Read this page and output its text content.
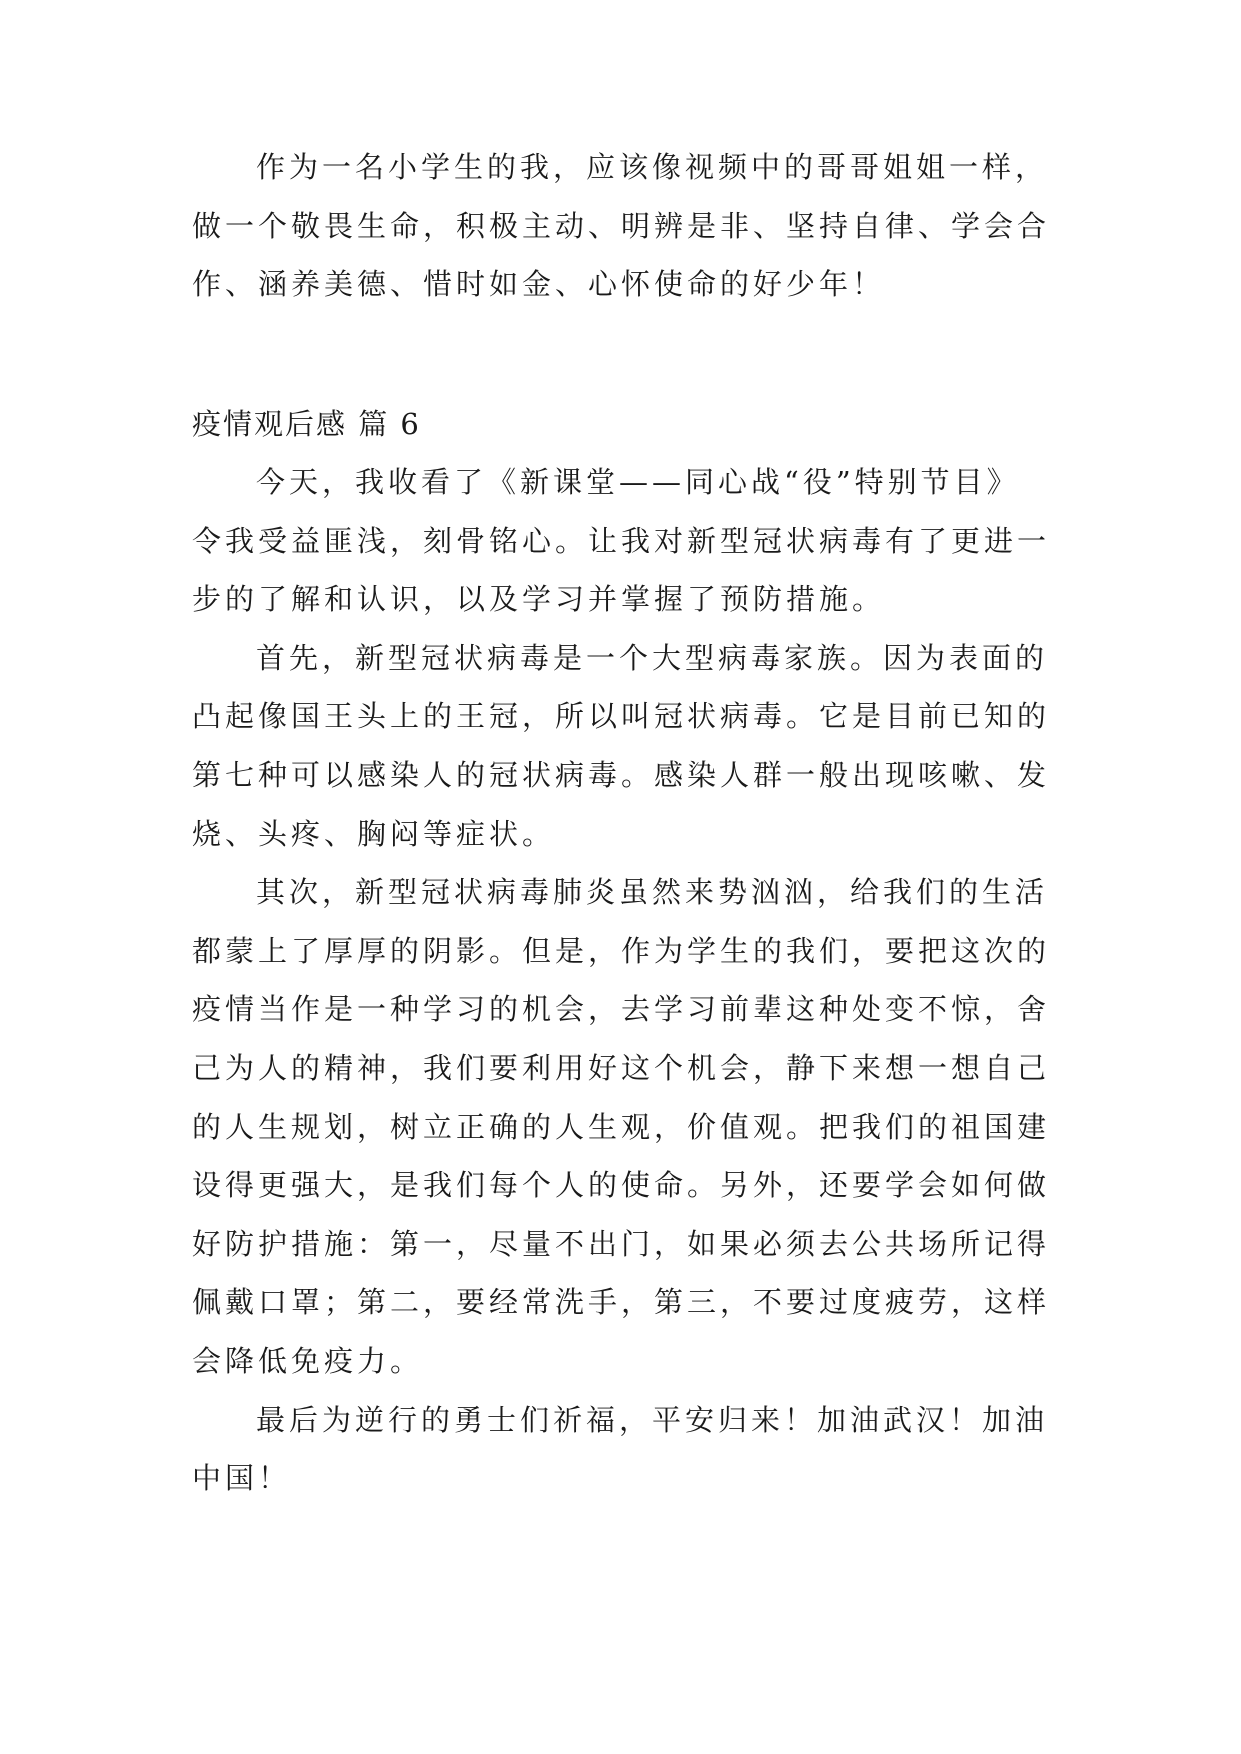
作为一名小学生的我，应该像视频中的哥哥姐姐一样，
做一个敬畏生命，积极主动、明辨是非、坚持自律、学会合
作、涵养美德、惜时如金、心怀使命的好少年！
疫情观后感 篇 6
今天，我收看了《新课堂——同心战“役”特别节目》
令我受益匪浅，刻骨铭心。让我对新型冠状病毒有了更进一
步的了解和认识，以及学习并掌握了预防措施。
首先，新型冠状病毒是一个大型病毒家族。因为表面的
凸起像国王头上的王冠，所以叫冠状病毒。它是目前已知的
第七种可以感染人的冠状病毒。感染人群一般出现咳嗽、发
烧、头疼、胸闷等症状。
其次，新型冠状病毒肺炎虽然来势汹汹，给我们的生活
都蒙上了厚厚的阴影。但是，作为学生的我们，要把这次的
疫情当作是一种学习的机会，去学习前辈这种处变不惊，舍
己为人的精神，我们要利用好这个机会，静下来想一想自己
的人生规划，树立正确的人生观，价值观。把我们的祖国建
设得更强大，是我们每个人的使命。另外，还要学会如何做
好防护措施：第一，尽量不出门，如果必须去公共场所记得
佩戴口罩；第二，要经常洗手，第三，不要过度疲劳，这样
会降低免疫力。
最后为逆行的勇士们祈福，平安归来！加油武汉！加油
中国！
